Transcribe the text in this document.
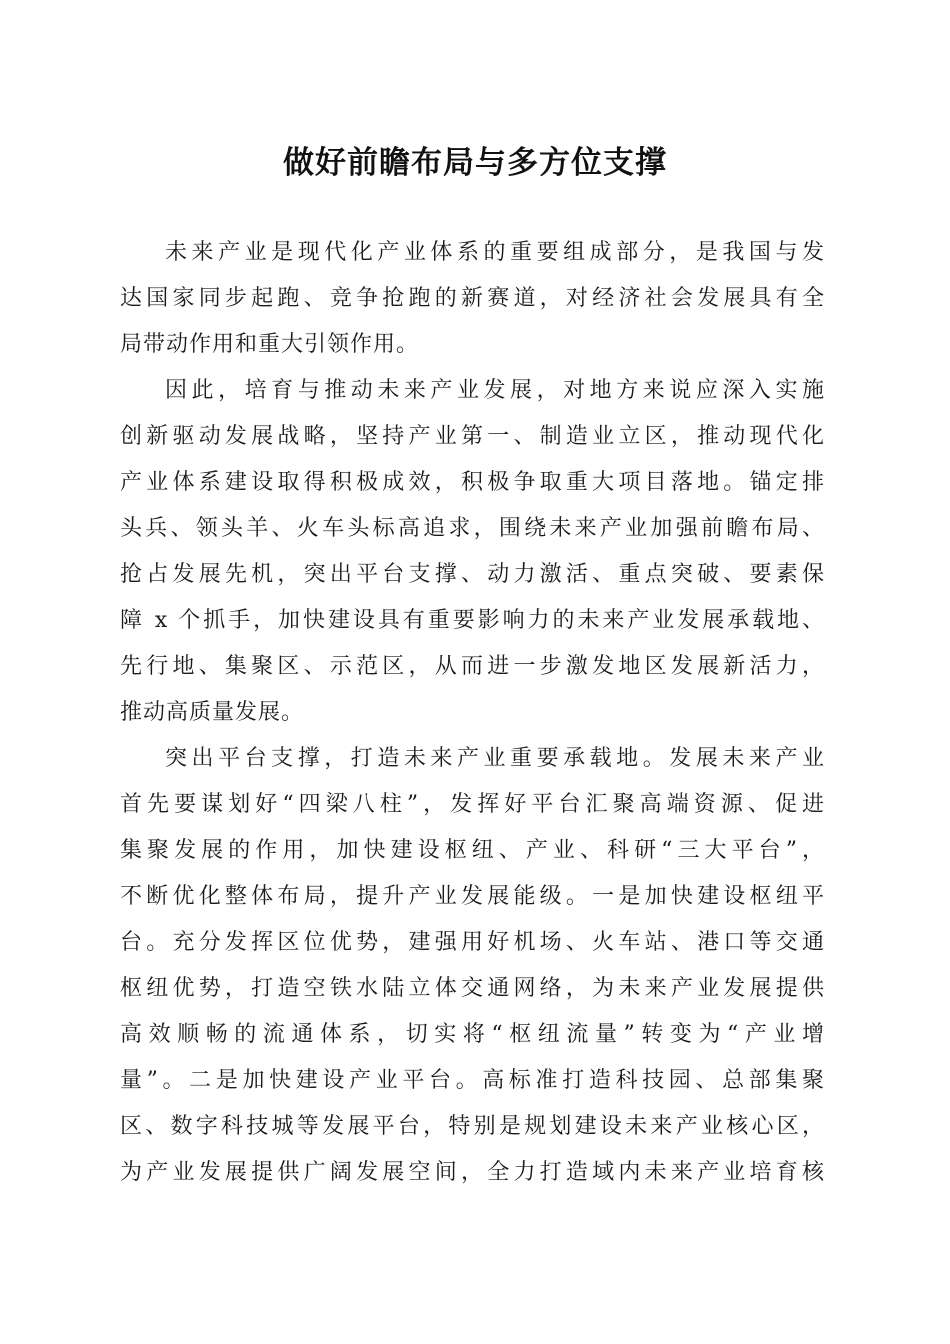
做好前瞻布局与多方位支撑
未来产业是现代化产业体系的重要组成部分，是我国与发
达国家同步起跑、竞争抢跑的新赛道，对经济社会发展具有全
局带动作用和重大引领作用。
因此，培育与推动未来产业发展，对地方来说应深入实施
创新驱动发展战略，坚持产业第一、制造业立区，推动现代化
产业体系建设取得积极成效，积极争取重大项目落地。锚定排
头兵、领头羊、火车头标高追求，围绕未来产业加强前瞻布局、
抢占发展先机，突出平台支撑、动力激活、重点突破、要素保
障 x 个抓手，加快建设具有重要影响力的未来产业发展承载地、
先行地、集聚区、示范区，从而进一步激发地区发展新活力，
推动高质量发展。
突出平台支撑，打造未来产业重要承载地。发展未来产业
首先要谋划好“四梁八柱”，发挥好平台汇聚高端资源、促进
集聚发展的作用，加快建设枢纽、产业、科研“三大平台”，
不断优化整体布局，提升产业发展能级。一是加快建设枢纽平
台。充分发挥区位优势，建强用好机场、火车站、港口等交通
枢纽优势，打造空铁水陆立体交通网络，为未来产业发展提供
高效顺畅的流通体系，切实将“枢纽流量”转变为“产业增
量”。二是加快建设产业平台。高标准打造科技园、总部集聚
区、数字科技城等发展平台，特别是规划建设未来产业核心区，
为产业发展提供广阔发展空间，全力打造域内未来产业培育核
